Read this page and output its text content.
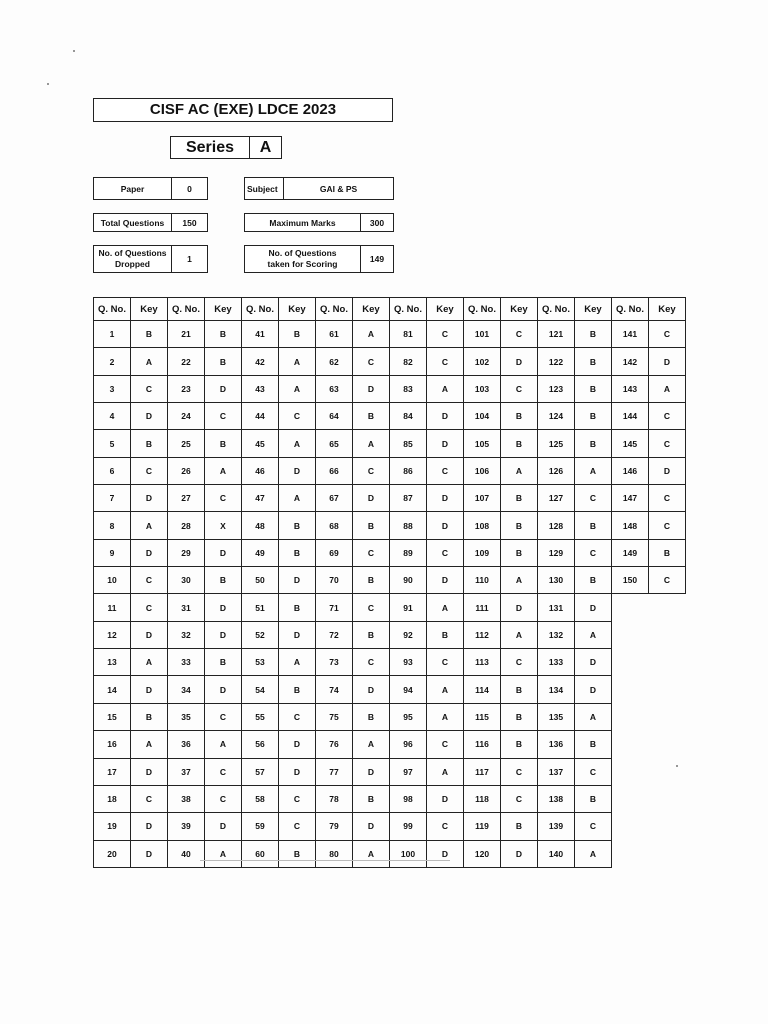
CISF AC (EXE) LDCE 2023
Series	A
Paper	0	Subject	GAI & PS
Total Questions	150	Maximum Marks	300
No. of Questions Dropped	1
No. of Questions taken for Scoring	149
Q. No.	Key	Q. No.	Key	Q. No.	Key	Q. No.	Key	Q. No.	Key	Q. No.	Key	Q. No.	Key	Q. No.	Key
1	B	21	B	41	B	61	A	81	C	101	C	121	B	141	C
2	A	22	B	42	A	62	C	82	C	102	D	122	B	142	D
3	C	23	D	43	A	63	D	83	A	103	C	123	B	143	A
4	D	24	C	44	C	64	B	84	D	104	B	124	B	144	C
5	B	25	B	45	A	65	A	85	D	105	B	125	B	145	C
6	C	26	A	46	D	66	C	86	C	106	A	126	A	146	D
7	D	27	C	47	A	67	D	87	D	107	B	127	C	147	C
8	A	28	X	48	B	68	B	88	D	108	B	128	B	148	C
9	D	29	D	49	B	69	C	89	C	109	B	129	C	149	B
10	C	30	B	50	D	70	B	90	D	110	A	130	B	150	C
11	C	31	D	51	B	71	C	91	A	111	D	131	D		
12	D	32	D	52	D	72	B	92	B	112	A	132	A		
13	A	33	B	53	A	73	C	93	C	113	C	133	D		
14	D	34	D	54	B	74	D	94	A	114	B	134	D		
15	B	35	C	55	C	75	B	95	A	115	B	135	A		
16	A	36	A	56	D	76	A	96	C	116	B	136	B		
17	D	37	C	57	D	77	D	97	A	117	C	137	C		
18	C	38	C	58	C	78	B	98	D	118	C	138	B		
19	D	39	D	59	C	79	D	99	C	119	B	139	C		
20	D	40	A	60	B	80	A	100	D	120	D	140	A		
